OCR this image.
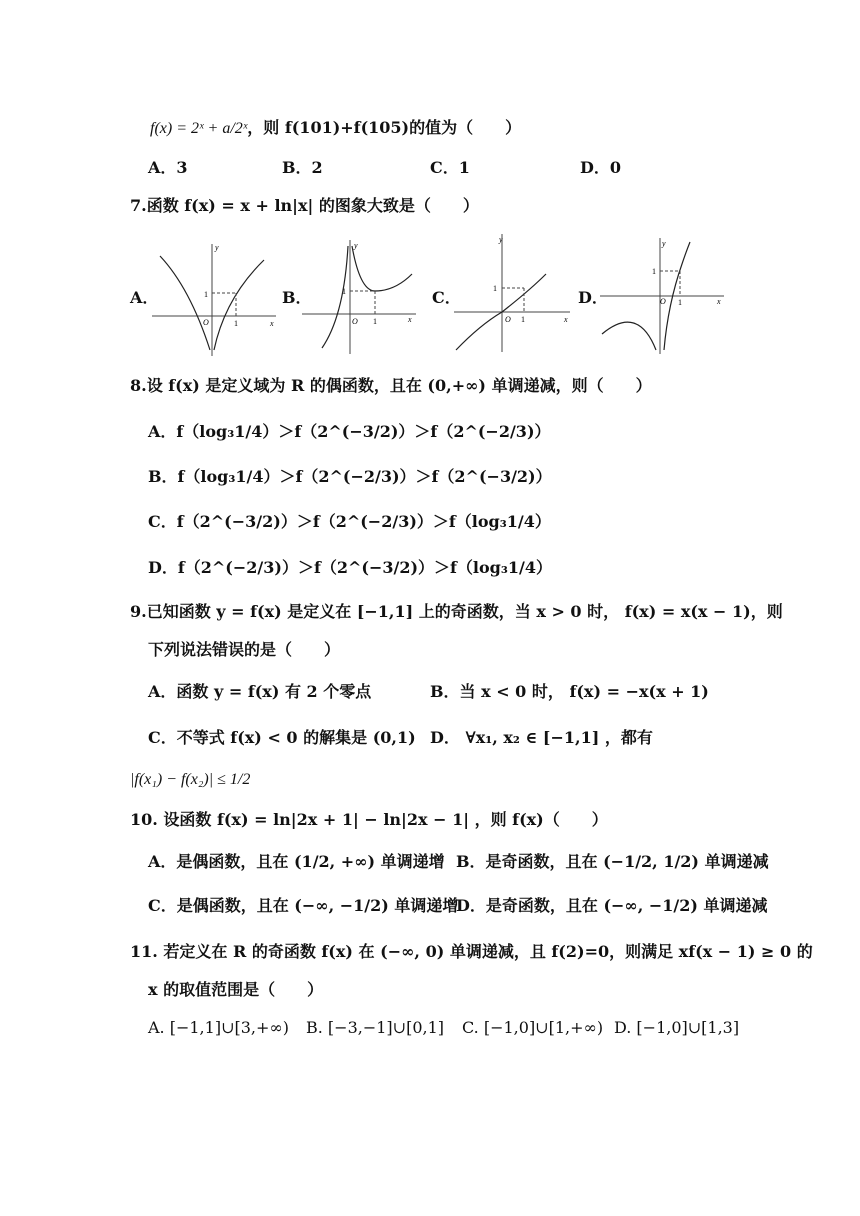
f(x) = 2ˣ + a/2ˣ，则 f(101)+f(105)的值为（　　）
A．3	B．2	C．1	D．0
7.函数 f(x) = x + ln|x| 的图象大致是（　　）
A．	1
1
O	x
y
B．	1
1
O	x
y
C．	1
1
O	x
y
D．
1
1
O	x
y
8.设 f(x) 是定义域为 R 的偶函数，且在 (0,+∞) 单调递减，则（　　）
A．f（log₃1/4）＞f（2^(−3/2)）＞f（2^(−2/3)）
B．f（log₃1/4）＞f（2^(−2/3)）＞f（2^(−3/2)）
C．f（2^(−3/2)）＞f（2^(−2/3)）＞f（log₃1/4）
D．f（2^(−2/3)）＞f（2^(−3/2)）＞f（log₃1/4）
9.已知函数 y = f(x) 是定义在 [−1,1] 上的奇函数，当 x > 0 时， f(x) = x(x − 1)，则
下列说法错误的是（　　）
A．函数 y = f(x) 有 2 个零点	B．当 x < 0 时， f(x) = −x(x + 1)
C．不等式 f(x) < 0 的解集是 (0,1) D． ∀x₁, x₂ ∈ [−1,1] ，都有
|f(x₁) − f(x₂)| ≤ 1/2
10. 设函数 f(x) = ln|2x + 1| − ln|2x − 1| ，则 f(x)（　　）
A．是偶函数，且在 (1/2, +∞) 单调递增 B．是奇函数，且在 (−1/2, 1/2) 单调递减
C．是偶函数，且在 (−∞, −1/2) 单调递增
D．是奇函数，且在 (−∞, −1/2) 单调递减
11. 若定义在 R 的奇函数 f(x) 在 (−∞, 0) 单调递减，且 f(2)=0，则满足 xf(x − 1) ≥ 0 的
x 的取值范围是（　　）
A. [−1,1]∪[3,+∞) B. [−3,−1]∪[0,1] C. [−1,0]∪[1,+∞) D. [−1,0]∪[1,3]
